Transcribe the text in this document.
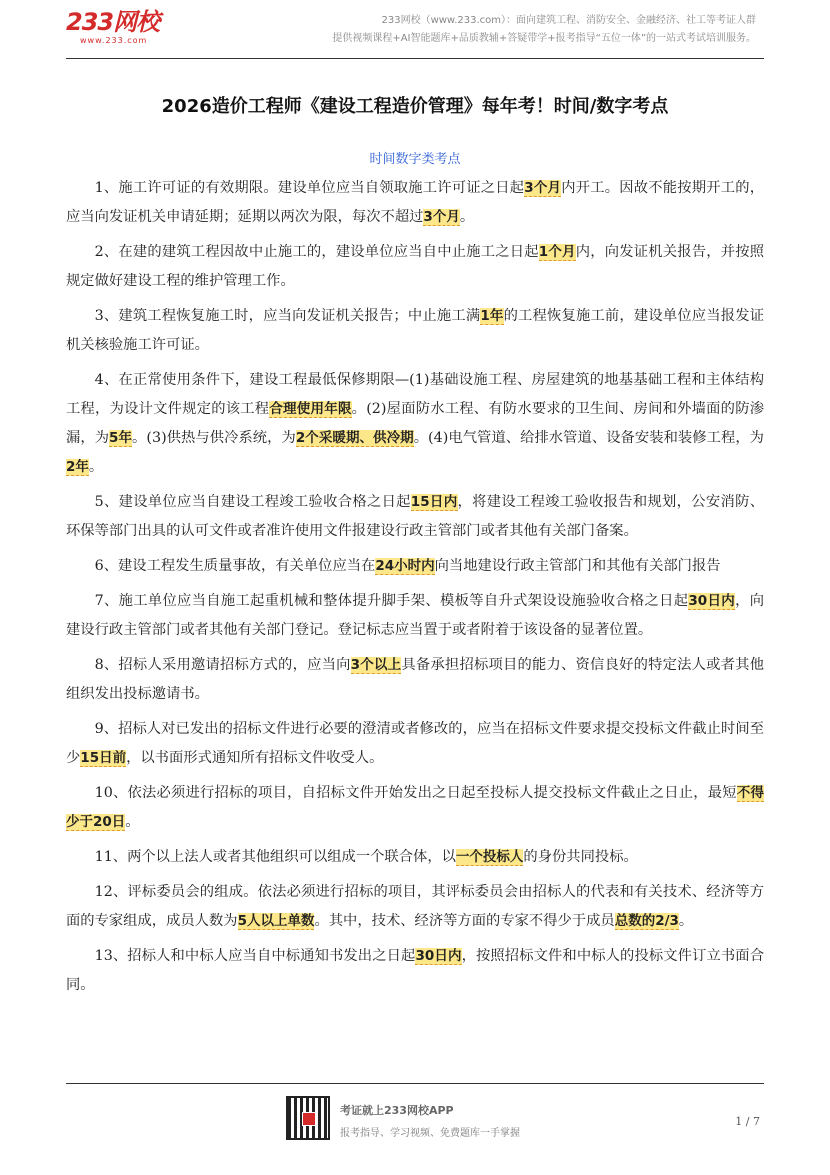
233网校
www.233.com
233网校（www.233.com）：面向建筑工程、消防安全、金融经济、社工等考证人群
提供视频课程+AI智能题库+品质教辅+答疑带学+报考指导“五位一体”的一站式考试培训服务。
2026造价工程师《建设工程造价管理》每年考！时间/数字考点
时间数字类考点

1、施工许可证的有效期限。建设单位应当自领取施工许可证之日起3个月内开工。因故不能按期开工的，应当向发证机关申请延期；延期以两次为限，每次不超过3个月。

2、在建的建筑工程因故中止施工的，建设单位应当自中止施工之日起1个月内，向发证机关报告，并按照规定做好建设工程的维护管理工作。

3、建筑工程恢复施工时，应当向发证机关报告；中止施工满1年的工程恢复施工前，建设单位应当报发证机关核验施工许可证。

4、在正常使用条件下，建设工程最低保修期限—(1)基础设施工程、房屋建筑的地基基础工程和主体结构工程，为设计文件规定的该工程合理使用年限。(2)屋面防水工程、有防水要求的卫生间、房间和外墙面的防渗漏，为5年。(3)供热与供冷系统，为2个采暖期、供冷期。(4)电气管道、给排水管道、设备安装和装修工程，为2年。

5、建设单位应当自建设工程竣工验收合格之日起15日内，将建设工程竣工验收报告和规划，公安消防、环保等部门出具的认可文件或者准许使用文件报建设行政主管部门或者其他有关部门备案。

6、建设工程发生质量事故，有关单位应当在24小时内向当地建设行政主管部门和其他有关部门报告

7、施工单位应当自施工起重机械和整体提升脚手架、模板等自升式架设设施验收合格之日起30日内，向建设行政主管部门或者其他有关部门登记。登记标志应当置于或者附着于该设备的显著位置。

8、招标人采用邀请招标方式的，应当向3个以上具备承担招标项目的能力、资信良好的特定法人或者其他组织发出投标邀请书。

9、招标人对已发出的招标文件进行必要的澄清或者修改的，应当在招标文件要求提交投标文件截止时间至少15日前，以书面形式通知所有招标文件收受人。

10、依法必须进行招标的项目，自招标文件开始发出之日起至投标人提交投标文件截止之日止，最短不得少于20日。

11、两个以上法人或者其他组织可以组成一个联合体，以一个投标人的身份共同投标。

12、评标委员会的组成。依法必须进行招标的项目，其评标委员会由招标人的代表和有关技术、经济等方面的专家组成，成员人数为5人以上单数。其中，技术、经济等方面的专家不得少于成员总数的2/3。

13、招标人和中标人应当自中标通知书发出之日起30日内，按照招标文件和中标人的投标文件订立书面合同。

考证就上233网校APP
报考指导、学习视频、免费题库一手掌握
1 / 7
